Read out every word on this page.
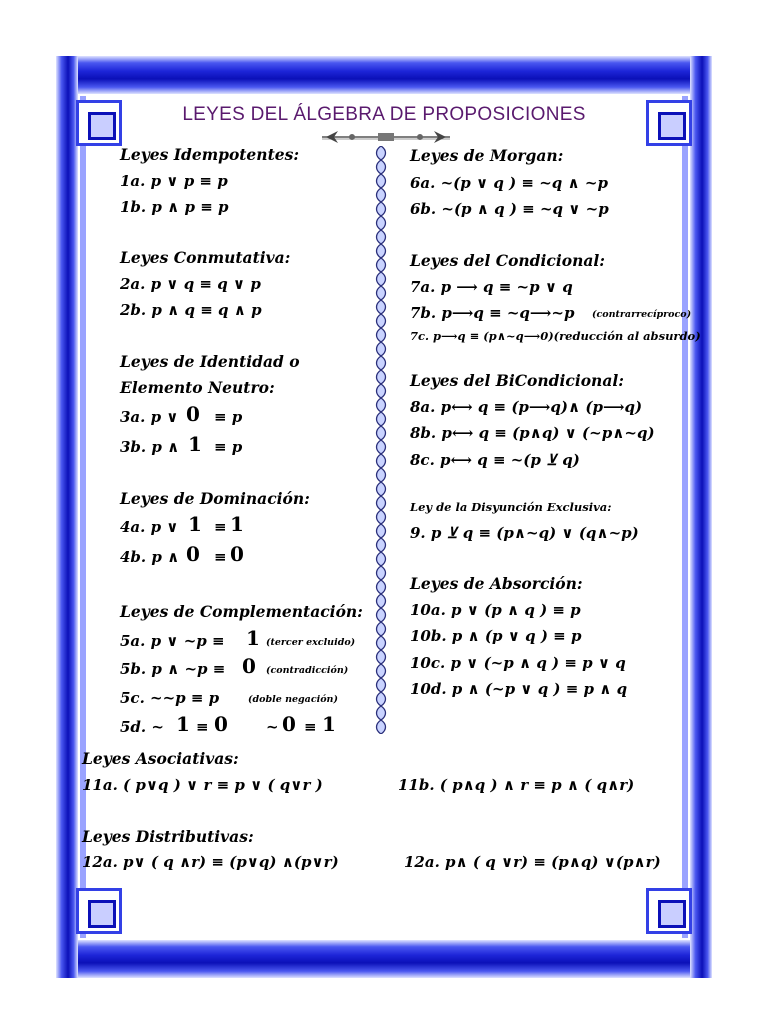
LEYES DEL ÁLGEBRA DE PROPOSICIONES
Leyes Idempotentes:
1a. p ∨ p ≡ p
1b. p ∧ p ≡ p
Leyes Conmutativa:
2a. p ∨ q ≡ q ∨ p
2b. p ∧ q ≡ q ∧ p
Leyes de Identidad o
Elemento Neutro:
3a. p ∨ 0 ≡ p
3b. p ∧ 1 ≡ p
Leyes de Dominación:
4a. p ∨ 1 ≡ 1
4b. p ∧ 0 ≡ 0
Leyes de Complementación:
5a. p ∨ ~p ≡ 1 (tercer excluido)
5b. p ∧ ~p ≡ 0 (contradicción)
5c. ~~p ≡ p	(doble negación)
5d. ~ 1 ≡ 0	~ 0 ≡ 1
Leyes de Morgan:
6a. ~(p ∨ q ) ≡ ~q ∧ ~p
6b. ~(p ∧ q ) ≡ ~q ∨ ~p
Leyes del Condicional:
7a. p ⟶ q ≡ ~p ∨ q
7b. p⟶q ≡ ~q⟶~p (contrarrecíproco)
7c. p⟶q ≡ (p∧~q⟶0)(reducción al absurdo)
Leyes del BiCondicional:
8a. p⟷ q ≡ (p⟶q)∧ (p⟶q)
8b. p⟷ q ≡ (p∧q) ∨ (~p∧~q)
8c. p⟷ q ≡ ~(p ⊻ q)
Ley de la Disyunción Exclusiva:
9. p ⊻ q ≡ (p∧~q) ∨ (q∧~p)
Leyes de Absorción:
10a. p ∨ (p ∧ q ) ≡ p
10b. p ∧ (p ∨ q ) ≡ p
10c. p ∨ (~p ∧ q ) ≡ p ∨ q
10d. p ∧ (~p ∨ q ) ≡ p ∧ q
Leyes Asociativas:
11a. ( p∨q ) ∨ r ≡ p ∨ ( q∨r )	11b. ( p∧q ) ∧ r ≡ p ∧ ( q∧r)
Leyes Distributivas:
12a. p∨ ( q ∧r) ≡ (p∨q) ∧(p∨r)	12a. p∧ ( q ∨r) ≡ (p∧q) ∨(p∧r)
